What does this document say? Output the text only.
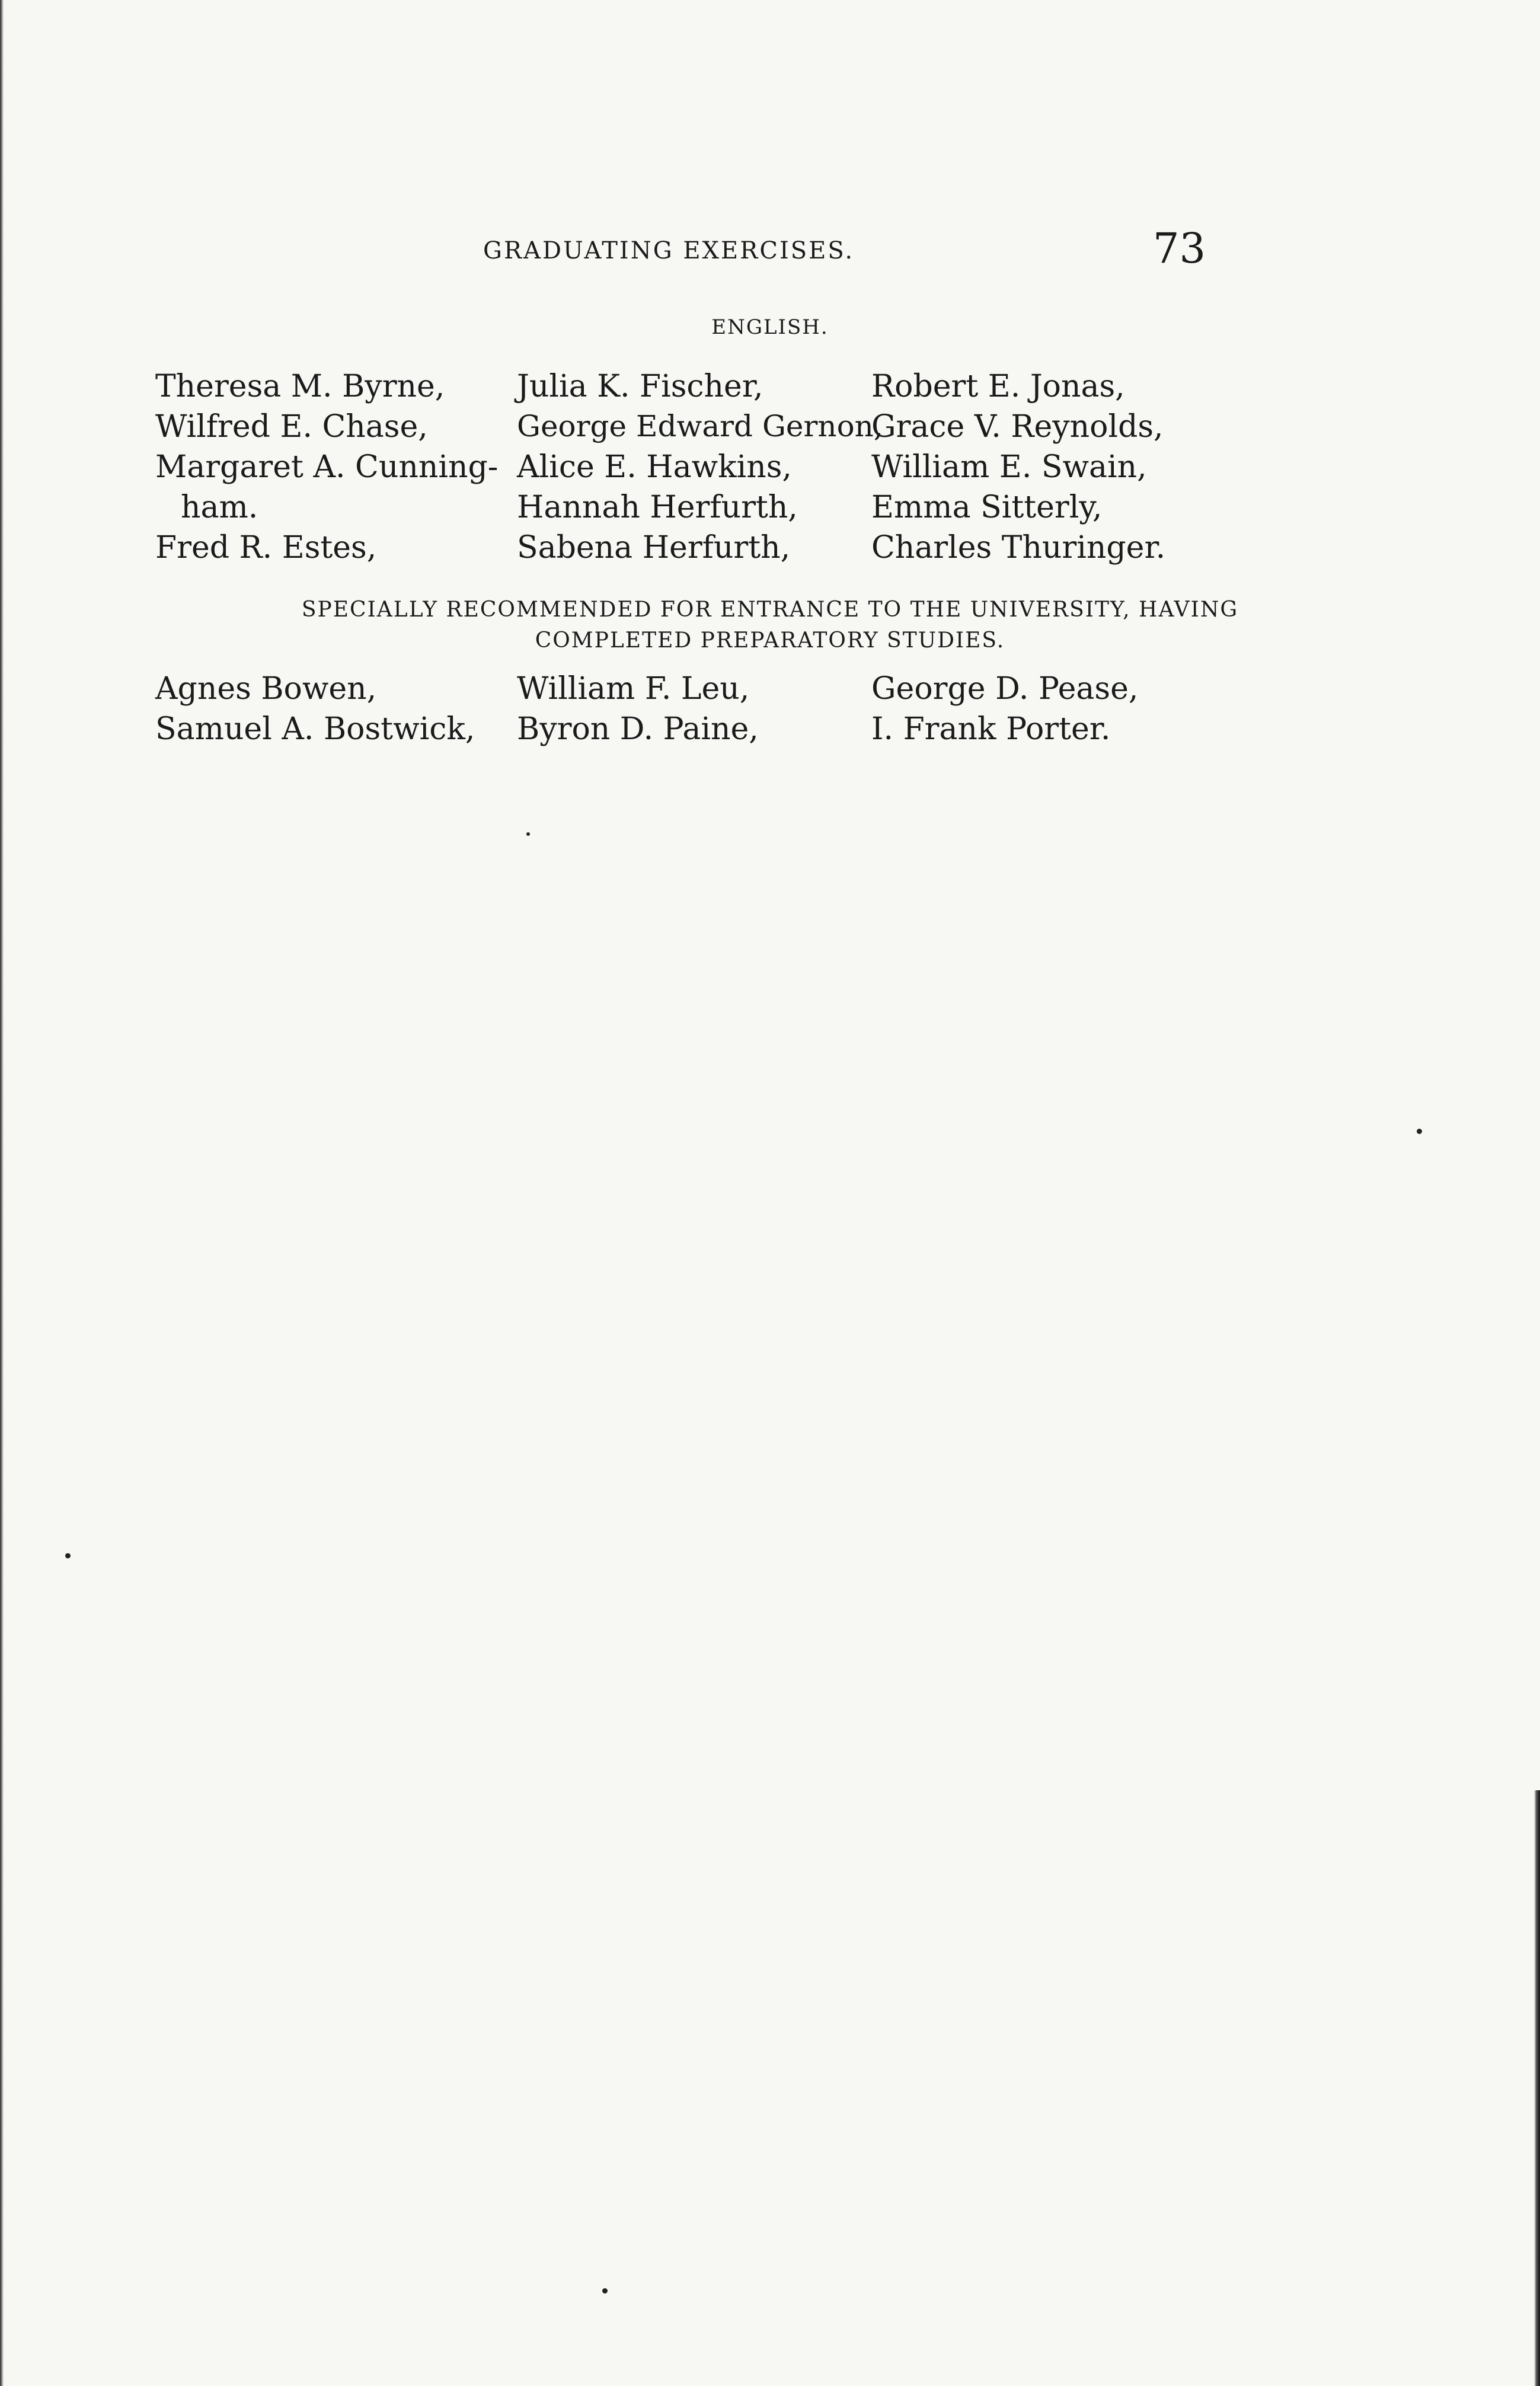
GRADUATING EXERCISES.	73
ENGLISH.
Theresa M. Byrne,
Wilfred E. Chase,
Margaret A. Cunning-
ham.
Fred R. Estes,
Julia K. Fischer,
George Edward Gernon,
Alice E. Hawkins,
Hannah Herfurth,
Sabena Herfurth,
Robert E. Jonas,
Grace V. Reynolds,
William E. Swain,
Emma Sitterly,
Charles Thuringer.
SPECIALLY RECOMMENDED FOR ENTRANCE TO THE UNIVERSITY, HAVING
COMPLETED PREPARATORY STUDIES.
Agnes Bowen,
Samuel A. Bostwick,
William F. Leu,
Byron D. Paine,
George D. Pease,
I. Frank Porter.
